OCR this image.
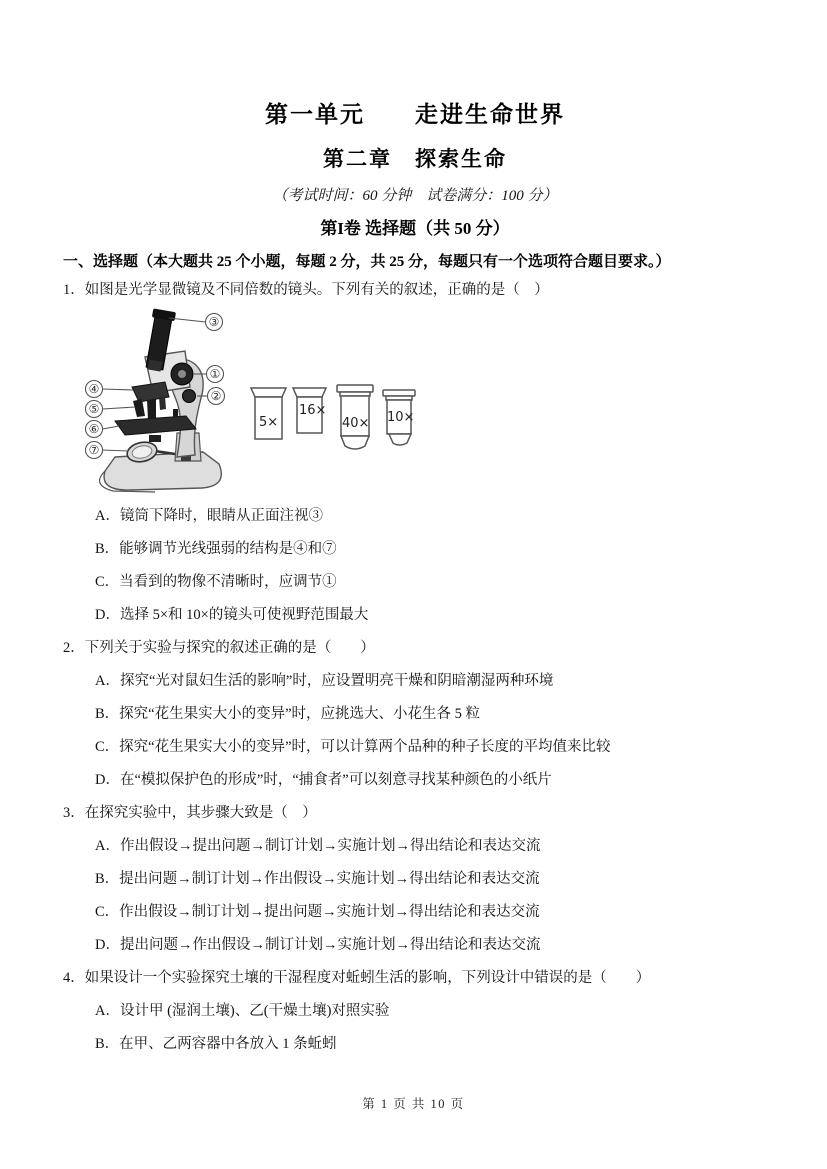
第一单元　　走进生命世界
第二章　探索生命

（考试时间：60 分钟　试卷满分：100 分）

第I卷 选择题（共 50 分）

一、选择题（本大题共 25 个小题，每题 2 分，共 25 分，每题只有一个选项符合题目要求。）

1．如图是光学显微镜及不同倍数的镜头。下列有关的叙述，正确的是（　）

③
①
②
④
⑤
⑥
⑦
5×
16×
40× 10×

A．镜筒下降时，眼睛从正面注视③

B．能够调节光线强弱的结构是④和⑦

C．当看到的物像不清晰时，应调节①

D．选择 5×和 10×的镜头可使视野范围最大

2．下列关于实验与探究的叙述正确的是（　　）

A．探究“光对鼠妇生活的影响”时，应设置明亮干燥和阴暗潮湿两种环境

B．探究“花生果实大小的变异”时，应挑选大、小花生各 5 粒

C．探究“花生果实大小的变异”时，可以计算两个品种的种子长度的平均值来比较

D．在“模拟保护色的形成”时，“捕食者”可以刻意寻找某种颜色的小纸片

3．在探究实验中，其步骤大致是（　）

A．作出假设→提出问题→制订计划→实施计划→得出结论和表达交流

B．提出问题→制订计划→作出假设→实施计划→得出结论和表达交流

C．作出假设→制订计划→提出问题→实施计划→得出结论和表达交流

D．提出问题→作出假设→制订计划→实施计划→得出结论和表达交流

4．如果设计一个实验探究土壤的干湿程度对蚯蚓生活的影响，下列设计中错误的是（　　）

A．设计甲 (湿润土壤)、乙(干燥土壤)对照实验

B．在甲、乙两容器中各放入 1 条蚯蚓

第 1 页 共 10 页
